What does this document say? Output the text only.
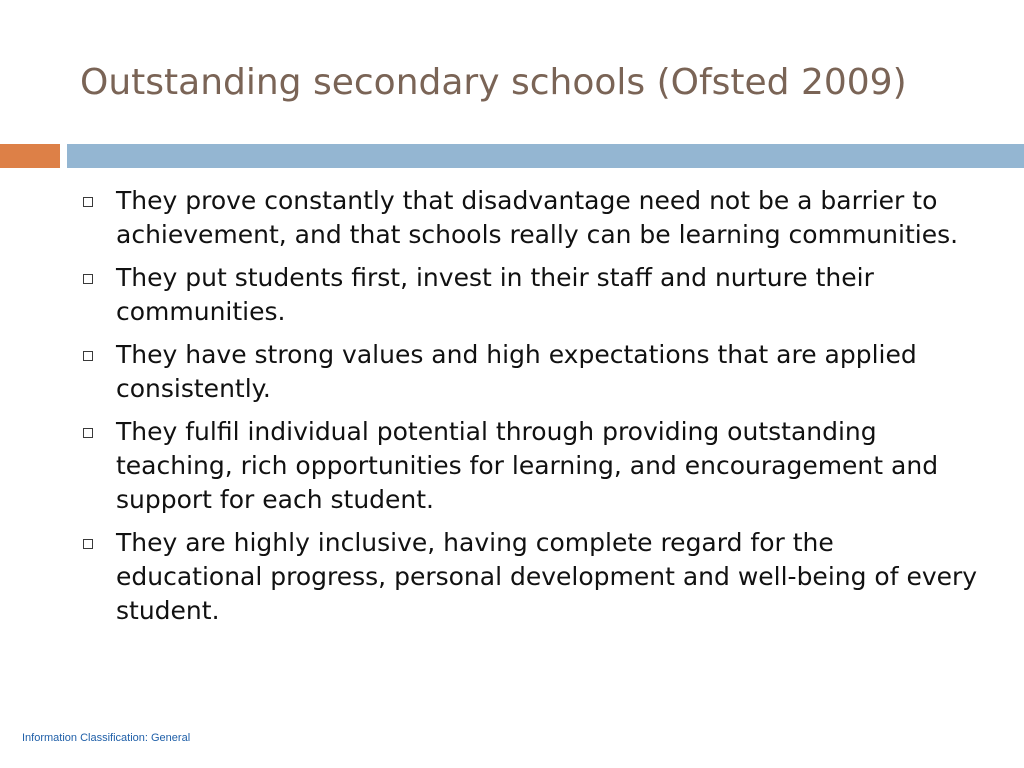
Outstanding secondary schools (Ofsted 2009)
They prove constantly that disadvantage need not be a barrier to achievement, and that schools really can be learning communities.
They put students first, invest in their staff and nurture their communities.
They have strong values and high expectations that are applied consistently.
They fulfil individual potential through providing outstanding teaching, rich opportunities for learning, and encouragement and support for each student.
They are highly inclusive, having complete regard for the educational progress, personal development and well-being of every student.
Information Classification: General
